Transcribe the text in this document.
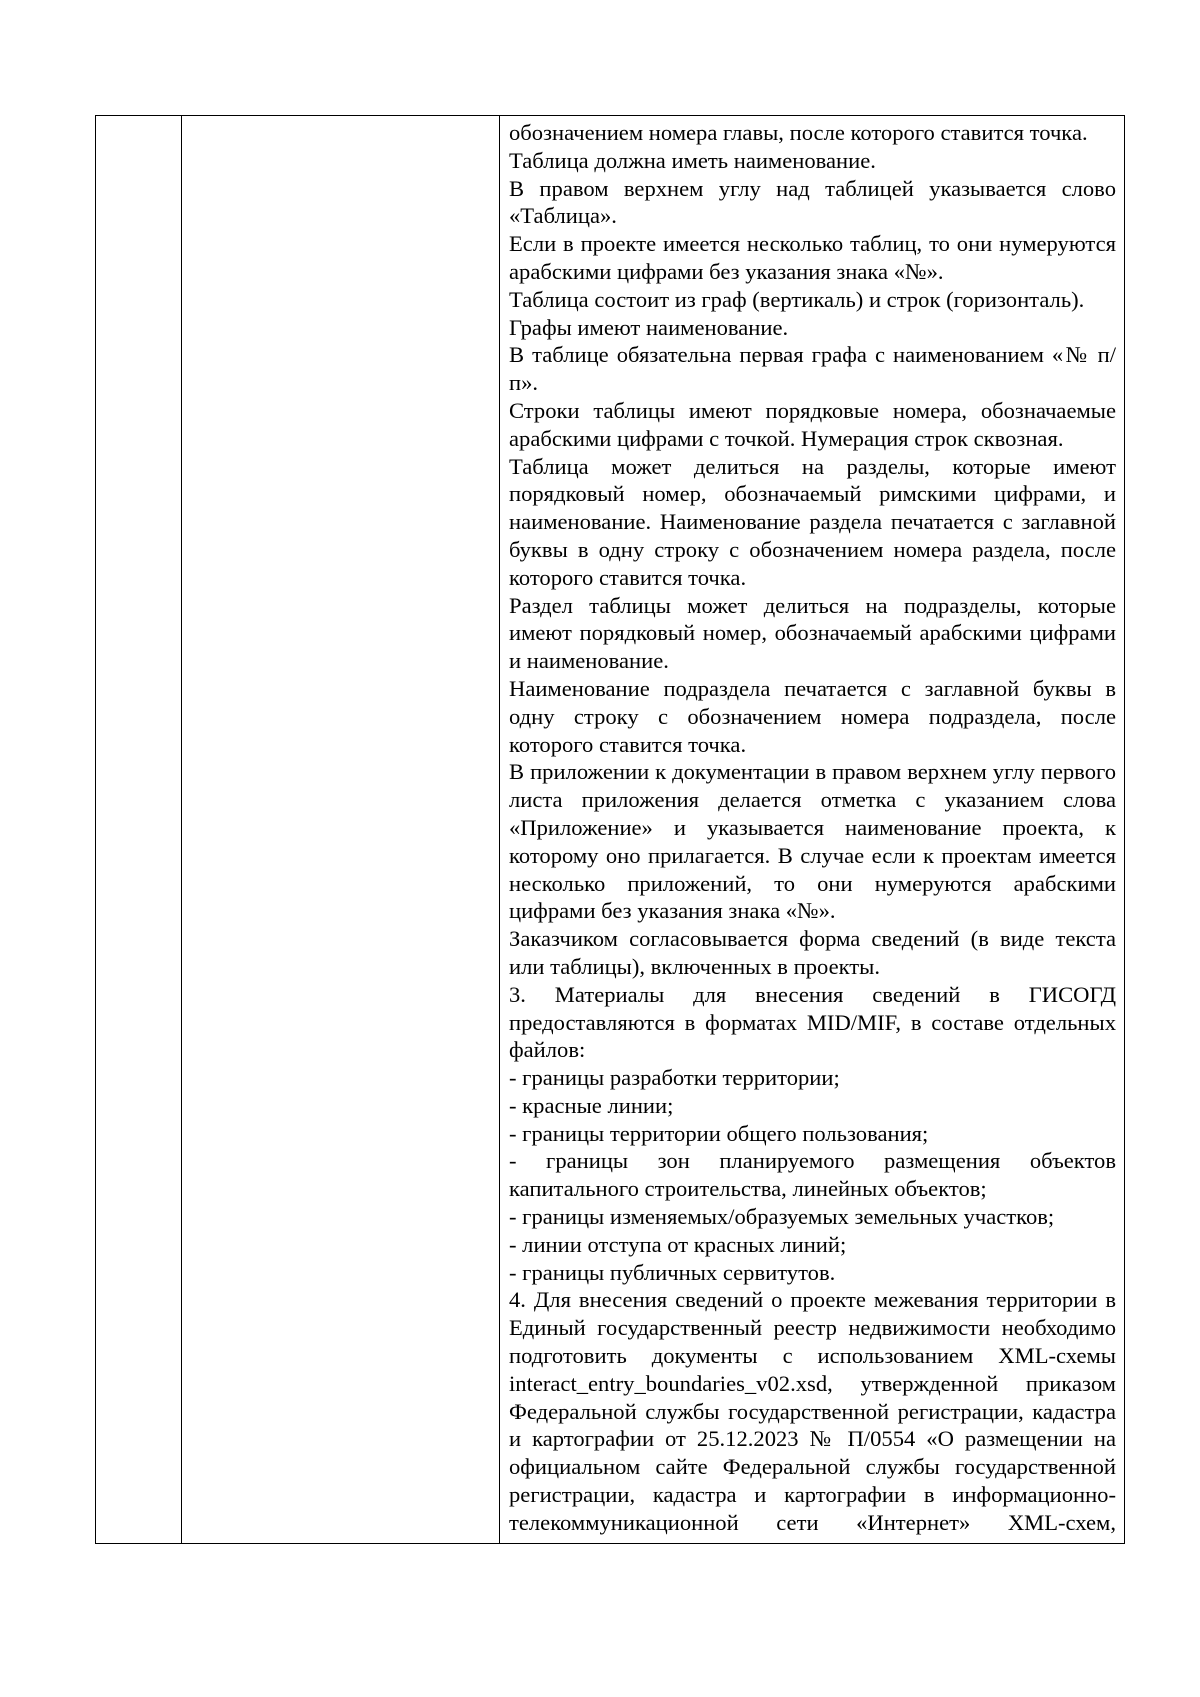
обозначением номера главы, после которого ставится точка.

Таблица должна иметь наименование.

В правом верхнем углу над таблицей указывается слово «Таблица».

Если в проекте имеется несколько таблиц, то они нумеруются арабскими цифрами без указания знака «№».

Таблица состоит из граф (вертикаль) и строк (горизонталь).

Графы имеют наименование.

В таблице обязательна первая графа с наименованием «№ п/п».

Строки таблицы имеют порядковые номера, обозначаемые арабскими цифрами с точкой. Нумерация строк сквозная.

Таблица может делиться на разделы, которые имеют порядковый номер, обозначаемый римскими цифрами, и наименование. Наименование раздела печатается с заглавной буквы в одну строку с обозначением номера раздела, после которого ставится точка.

Раздел таблицы может делиться на подразделы, которые имеют порядковый номер, обозначаемый арабскими цифрами и наименование.

Наименование подраздела печатается с заглавной буквы в одну строку с обозначением номера подраздела, после которого ставится точка.

В приложении к документации в правом верхнем углу первого листа приложения делается отметка с указанием слова «Приложение» и указывается наименование проекта, к которому оно прилагается. В случае если к проектам имеется несколько приложений, то они нумеруются арабскими цифрами без указания знака «№».

Заказчиком согласовывается форма сведений (в виде текста или таблицы), включенных в проекты.

3. Материалы для внесения сведений в ГИСОГД предоставляются в форматах MID/MIF, в составе отдельных файлов:

- границы разработки территории;

- красные линии;

- границы территории общего пользования;

- границы зон планируемого размещения объектов капитального строительства, линейных объектов;

- границы изменяемых/образуемых земельных участков;

- линии отступа от красных линий;

- границы публичных сервитутов.

4. Для внесения сведений о проекте межевания территории в Единый государственный реестр недвижимости необходимо подготовить документы с использованием XML-схемы interact_entry_boundaries_v02.xsd, утвержденной приказом Федеральной службы государственной регистрации, кадастра и картографии от 25.12.2023 № П/0554 «О размещении на официальном сайте Федеральной службы государственной регистрации, кадастра и картографии в информационно-телекоммуникационной сети «Интернет» XML-схем,
